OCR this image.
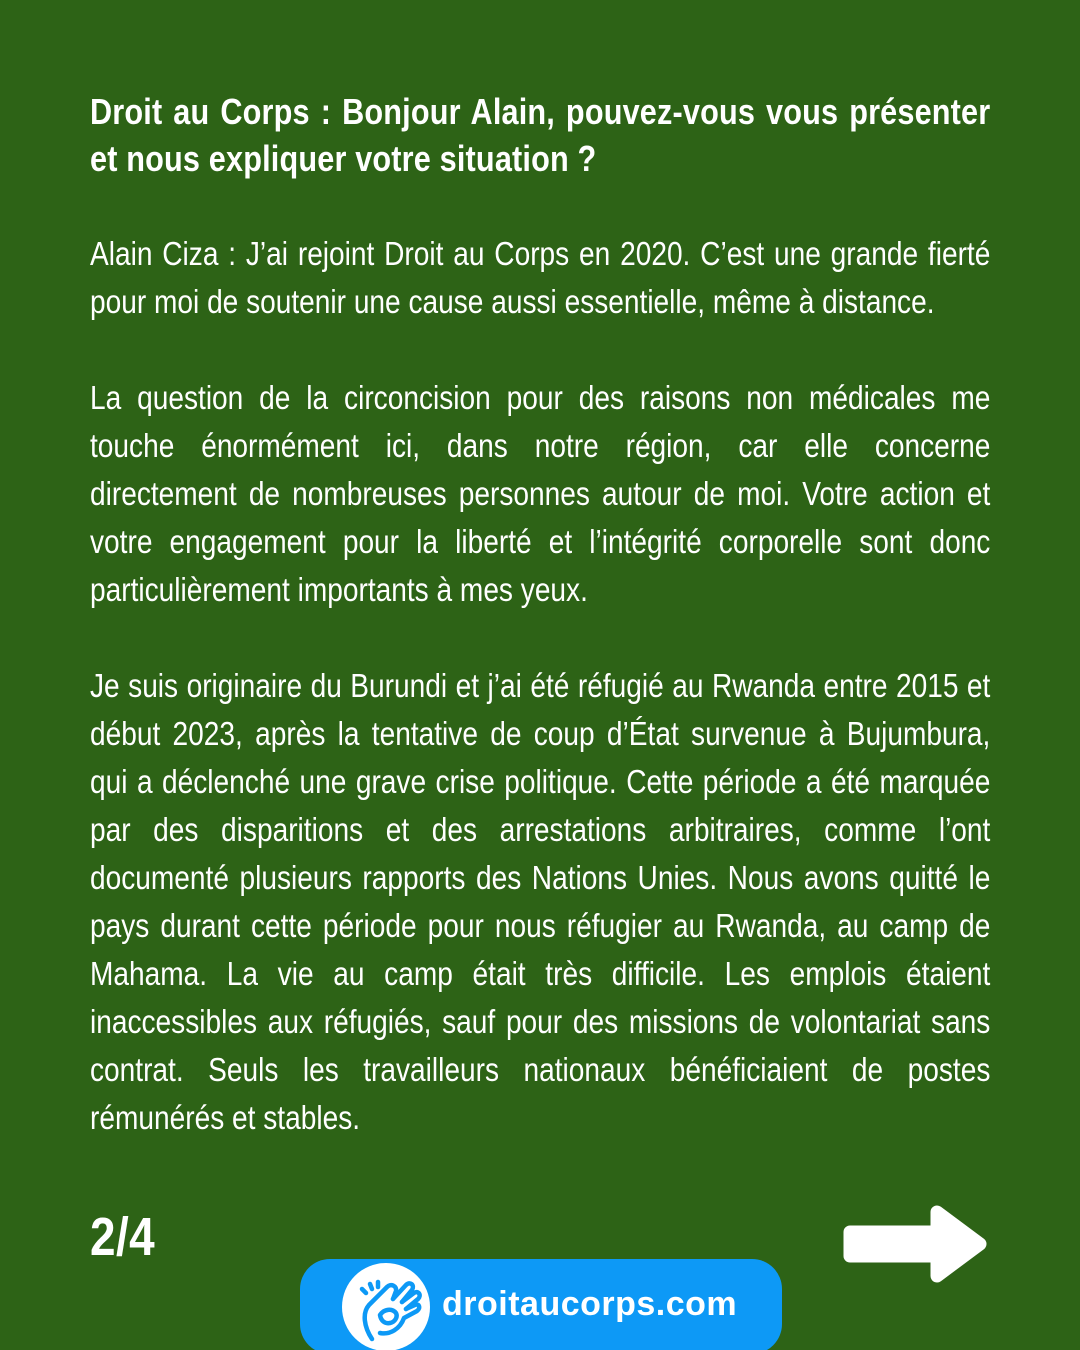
Droit au Corps : Bonjour Alain, pouvez-vous vous présenter et nous expliquer votre situation ?

Alain Ciza : J’ai rejoint Droit au Corps en 2020. C’est une grande fierté pour moi de soutenir une cause aussi essentielle, même à distance.

La question de la circoncision pour des raisons non médicales me touche énormément ici, dans notre région, car elle concerne directement de nombreuses personnes autour de moi. Votre action et votre engagement pour la liberté et l’intégrité corporelle sont donc particulièrement importants à mes yeux.

Je suis originaire du Burundi et j’ai été réfugié au Rwanda entre 2015 et début 2023, après la tentative de coup d’État survenue à Bujumbura, qui a déclenché une grave crise politique. Cette période a été marquée par des disparitions et des arrestations arbitraires, comme l’ont documenté plusieurs rapports des Nations Unies. Nous avons quitté le pays durant cette période pour nous réfugier au Rwanda, au camp de Mahama. La vie au camp était très difficile. Les emplois étaient inaccessibles aux réfugiés, sauf pour des missions de volontariat sans contrat. Seuls les travailleurs nationaux bénéficiaient de postes rémunérés et stables.

2/4
droitaucorps.com
